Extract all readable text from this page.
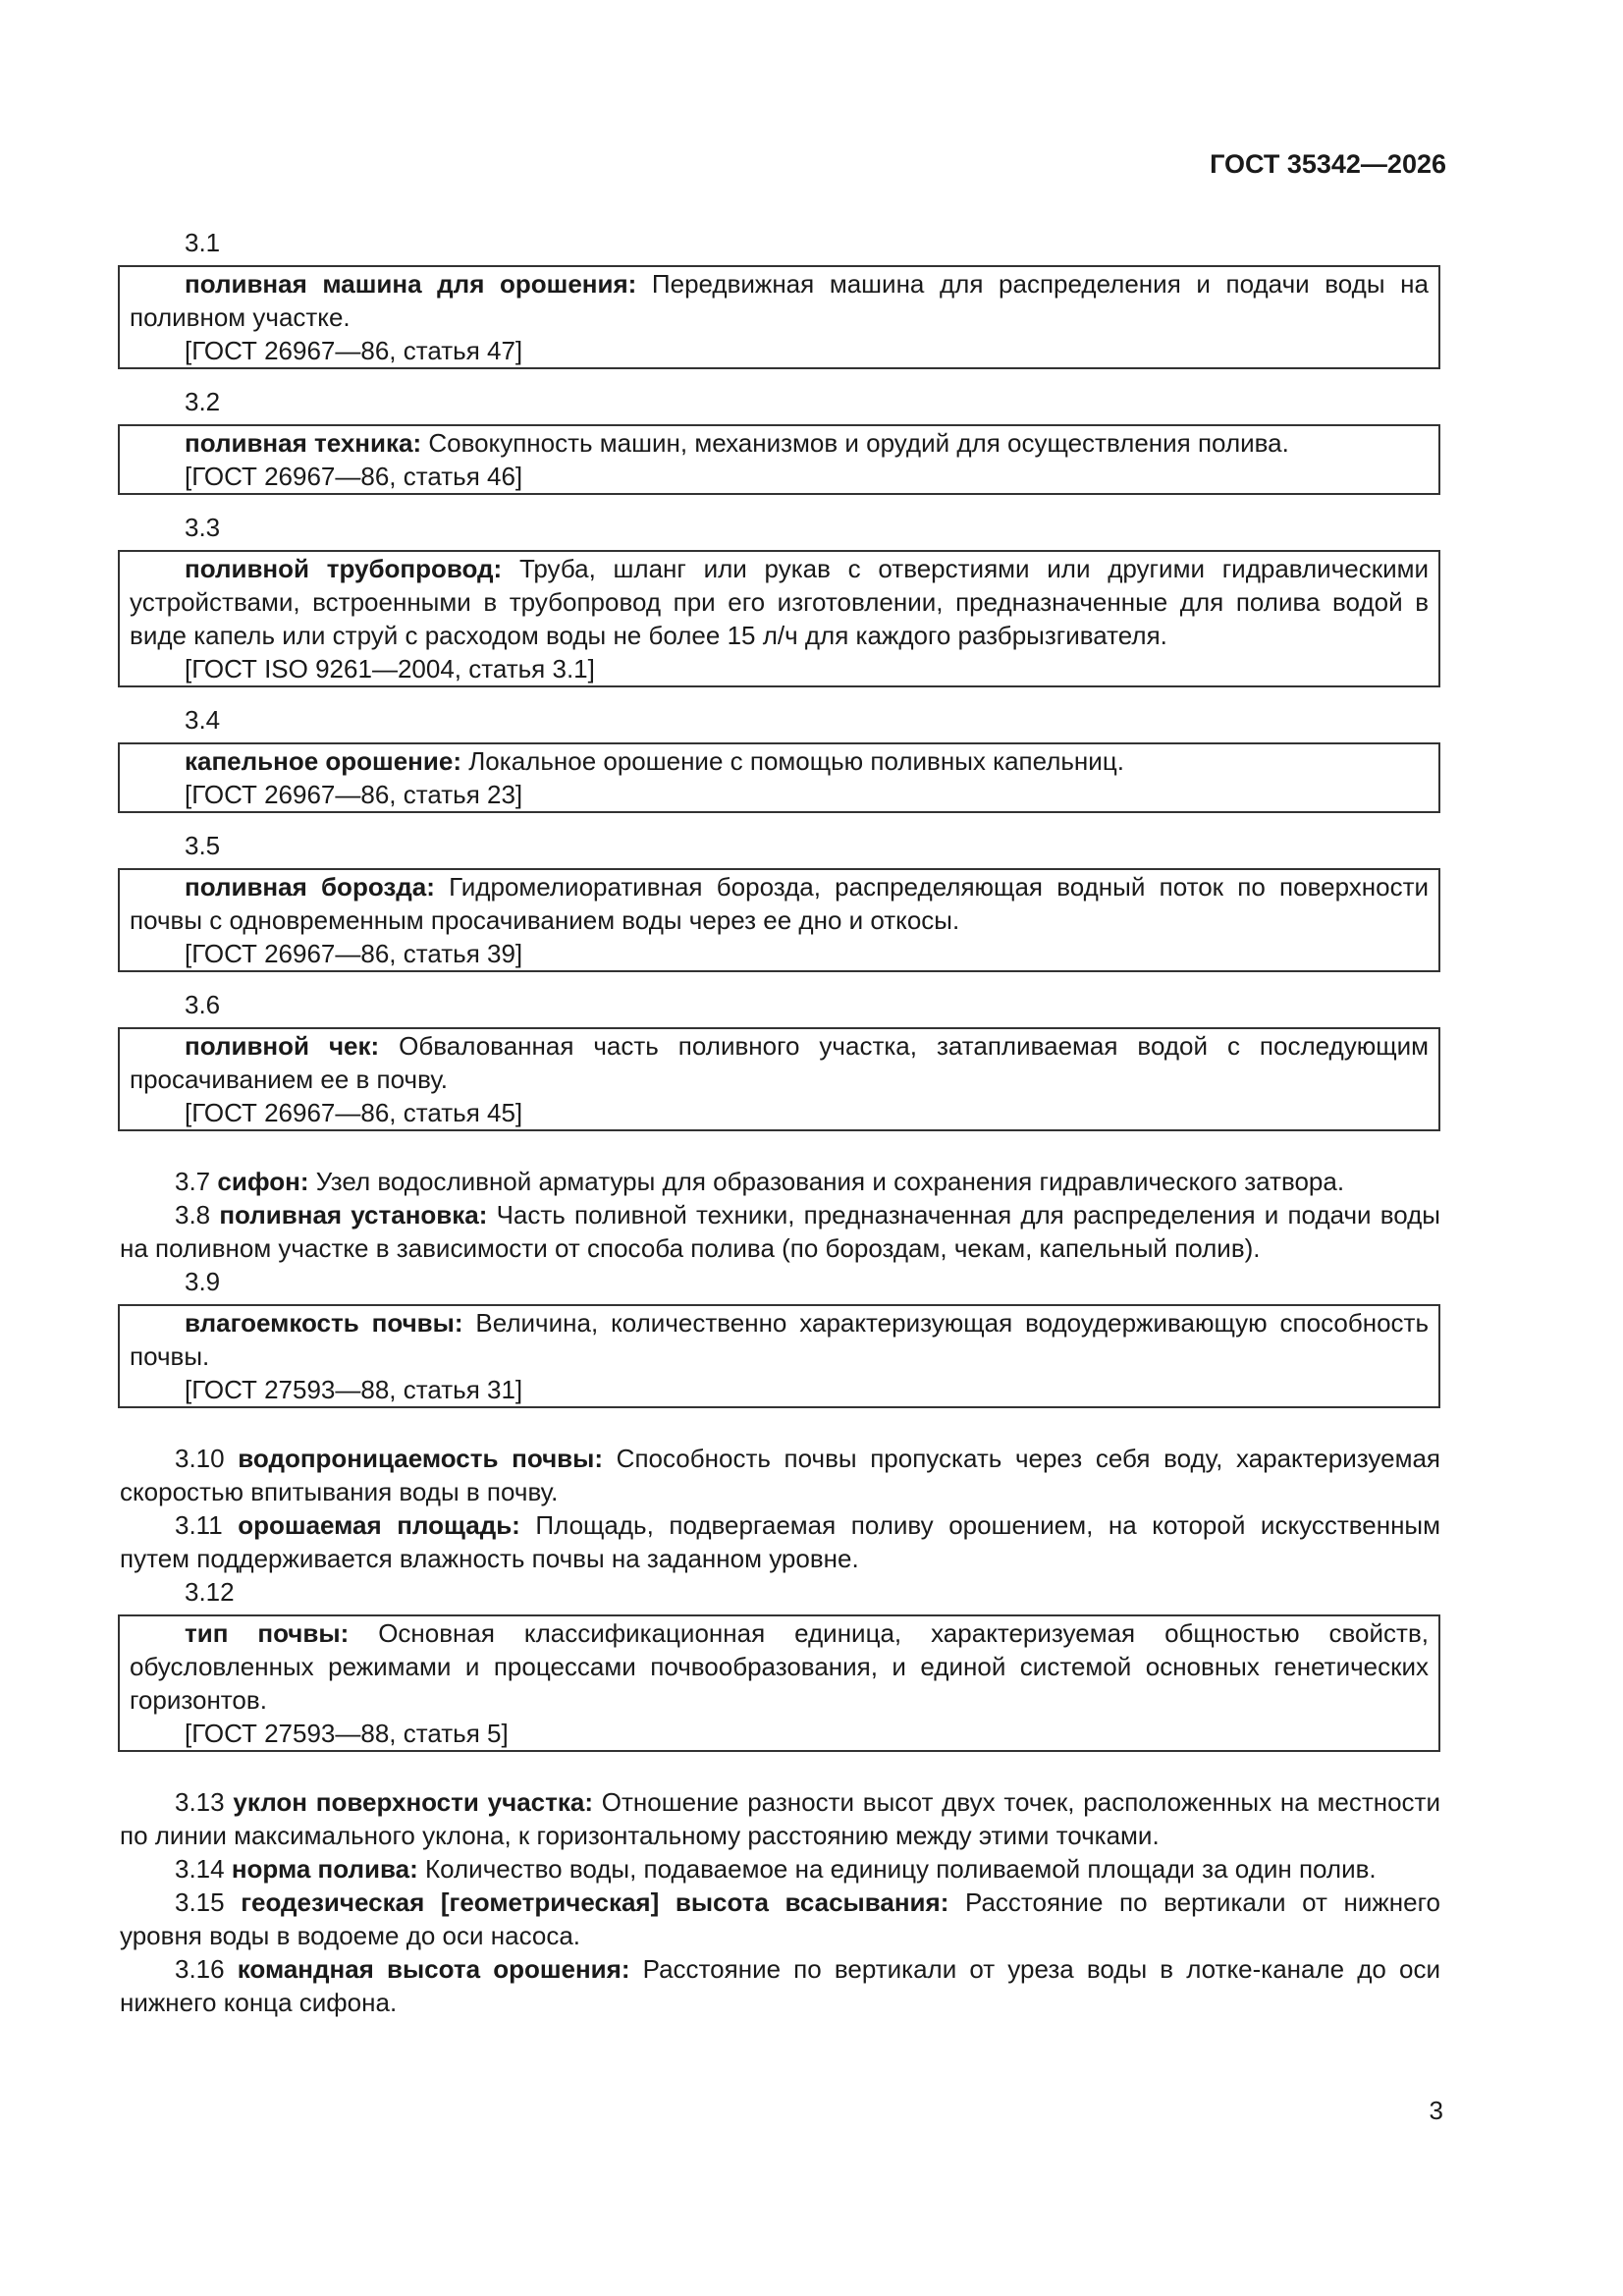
ГОСТ 35342—2026
3.1

поливная машина для орошения: Передвижная машина для распределения и подачи воды на поливном участке.

[ГОСТ 26967—86, статья 47]

3.2

поливная техника: Совокупность машин, механизмов и орудий для осуществления полива.

[ГОСТ 26967—86, статья 46]

3.3

поливной трубопровод: Труба, шланг или рукав с отверстиями или другими гидравлическими устройствами, встроенными в трубопровод при его изготовлении, предназначенные для полива водой в виде капель или струй с расходом воды не более 15 л/ч для каждого разбрызгивателя.

[ГОСТ ISO 9261—2004, статья 3.1]

3.4

капельное орошение: Локальное орошение с помощью поливных капельниц.

[ГОСТ 26967—86, статья 23]

3.5

поливная борозда: Гидромелиоративная борозда, распределяющая водный поток по поверхности почвы с одновременным просачиванием воды через ее дно и откосы.

[ГОСТ 26967—86, статья 39]

3.6

поливной чек: Обвалованная часть поливного участка, затапливаемая водой с последующим просачиванием ее в почву.

[ГОСТ 26967—86, статья 45]

3.7 сифон: Узел водосливной арматуры для образования и сохранения гидравлического затвора.

3.8 поливная установка: Часть поливной техники, предназначенная для распределения и подачи воды на поливном участке в зависимости от способа полива (по бороздам, чекам, капельный полив).

3.9

влагоемкость почвы: Величина, количественно характеризующая водоудерживающую способность почвы.

[ГОСТ 27593—88, статья 31]

3.10 водопроницаемость почвы: Способность почвы пропускать через себя воду, характеризуемая скоростью впитывания воды в почву.

3.11 орошаемая площадь: Площадь, подвергаемая поливу орошением, на которой искусственным путем поддерживается влажность почвы на заданном уровне.

3.12

тип почвы: Основная классификационная единица, характеризуемая общностью свойств, обусловленных режимами и процессами почвообразования, и единой системой основных генетических горизонтов.

[ГОСТ 27593—88, статья 5]

3.13 уклон поверхности участка: Отношение разности высот двух точек, расположенных на местности по линии максимального уклона, к горизонтальному расстоянию между этими точками.

3.14 норма полива: Количество воды, подаваемое на единицу поливаемой площади за один полив.

3.15 геодезическая [геометрическая] высота всасывания: Расстояние по вертикали от нижнего уровня воды в водоеме до оси насоса.

3.16 командная высота орошения: Расстояние по вертикали от уреза воды в лотке-канале до оси нижнего конца сифона.

3
